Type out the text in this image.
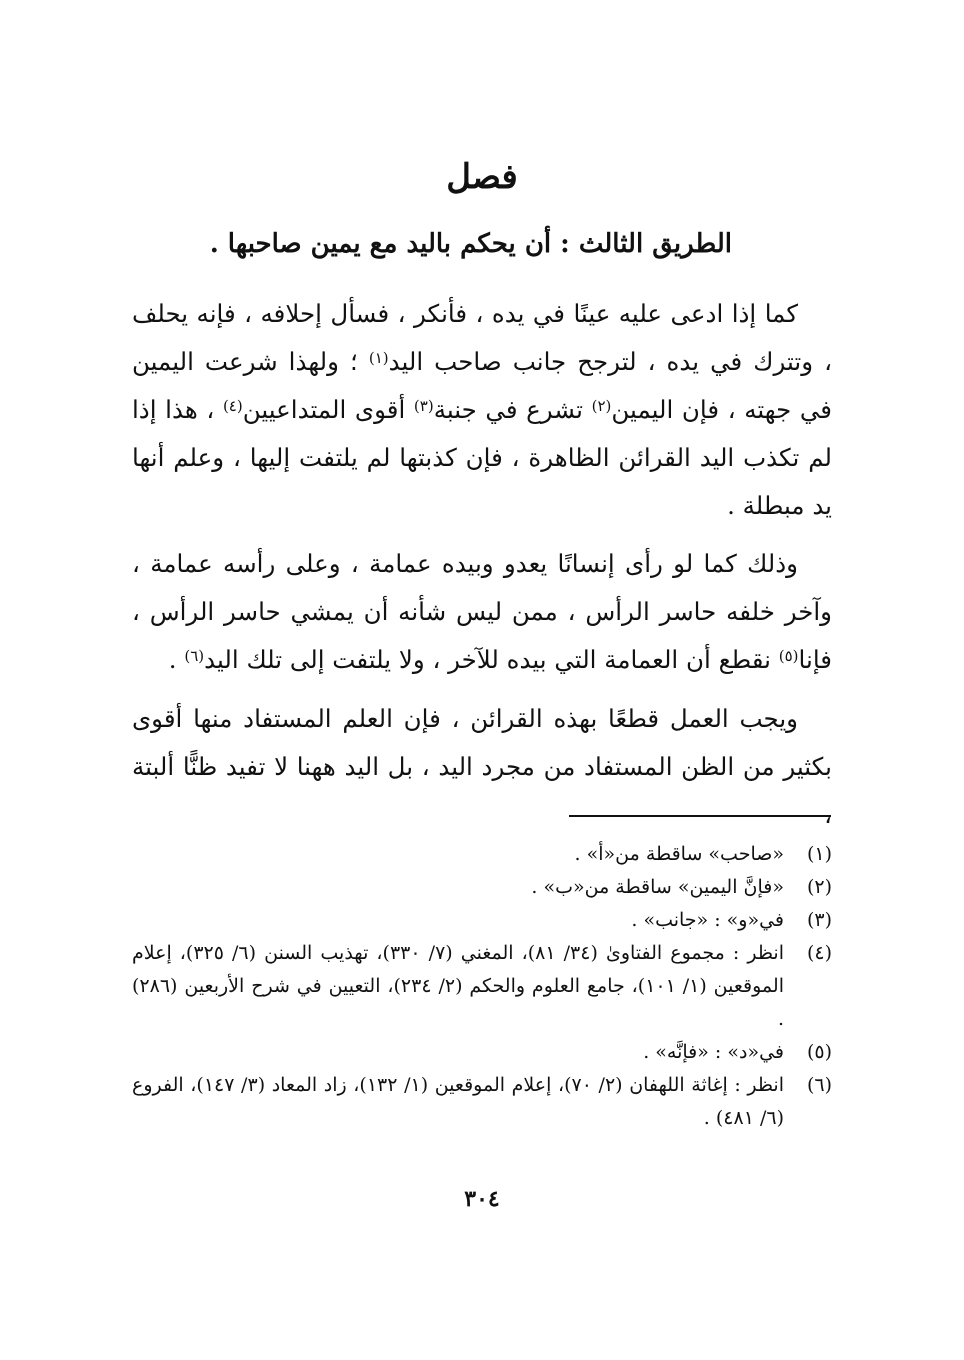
فصل
الطريق الثالث : أن يحكم باليد مع يمين صاحبها .

كما إذا ادعى عليه عينًا في يده ، فأنكر ، فسأل إحلافه ، فإنه يحلف ، وتترك في يده ، لترجح جانب صاحب اليد$^{(١)}$ ؛ ولهذا شرعت اليمين في جهته ، فإن اليمين$^{(٢)}$ تشرع في جنبة$^{(٣)}$ أقوى المتداعيين$^{(٤)}$ ، هذا إذا لم تكذب اليد القرائن الظاهرة ، فإن كذبتها لم يلتفت إليها ، وعلم أنها يد مبطلة .

وذلك كما لو رأى إنسانًا يعدو وبيده عمامة ، وعلى رأسه عمامة ، وآخر خلفه حاسر الرأس ، ممن ليس شأنه أن يمشي حاسر الرأس ، فإنا$^{(٥)}$ نقطع أن العمامة التي بيده للآخر ، ولا يلتفت إلى تلك اليد$^{(٦)}$ .

ويجب العمل قطعًا بهذه القرائن ، فإن العلم المستفاد منها أقوى بكثير من الظن المستفاد من مجرد اليد ، بل اليد ههنا لا تفيد ظنًّا ألبتة ،

(١)
«صاحب» ساقطة من«أ» .
(٢)
«فإنَّ اليمين» ساقطة من«ب» .
(٣)
في«و» : «جانب» .
(٤)
انظر : مجموع الفتاوىٰ (٣٤/ ٨١)، المغني (٧/ ٣٣٠)، تهذيب السنن (٦/ ٣٢٥)، إعلام الموقعين (١/ ١٠١)، جامع العلوم والحكم (٢/ ٢٣٤)، التعيين في شرح الأربعين (٢٨٦) .
(٥)
في«د» : «فإنَّه» .
(٦)
انظر : إغاثة اللهفان (٢/ ٧٠)، إعلام الموقعين (١/ ١٣٢)، زاد المعاد (٣/ ١٤٧)، الفروع (٦/ ٤٨١) .
٣٠٤
